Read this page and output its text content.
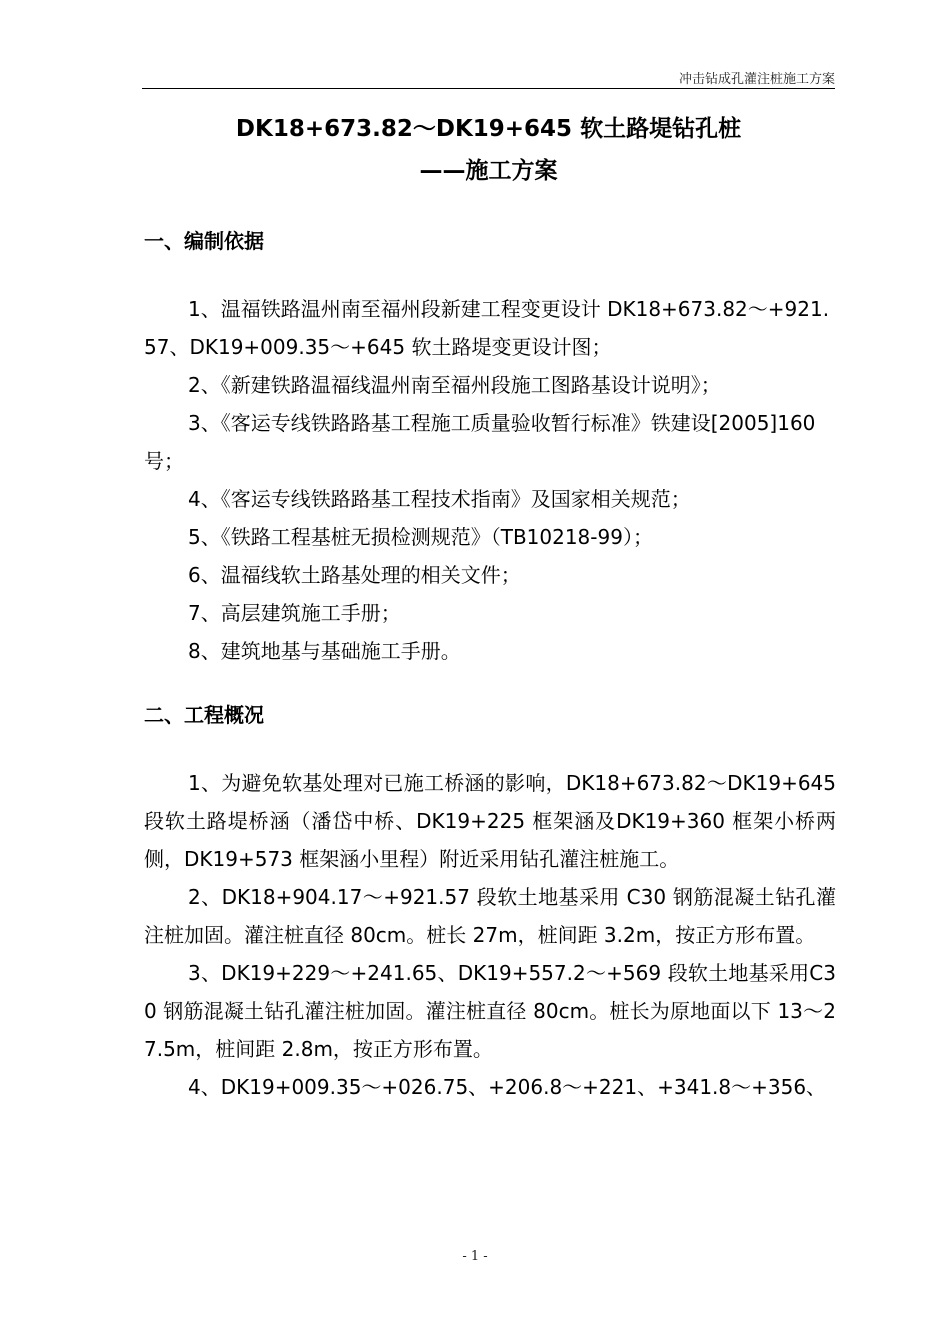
冲击钻成孔灌注桩施工方案
DK18+673.82～DK19+645 软土路堤钻孔桩
——施工方案
一、编制依据

1、温福铁路温州南至福州段新建工程变更设计 DK18+673.82～+921.57、DK19+009.35～+645 软土路堤变更设计图；

2、《新建铁路温福线温州南至福州段施工图路基设计说明》；

3、《客运专线铁路路基工程施工质量验收暂行标准》铁建设[2005]160 号；

4、《客运专线铁路路基工程技术指南》及国家相关规范；

5、《铁路工程基桩无损检测规范》（TB10218-99）；

6、温福线软土路基处理的相关文件；

7、高层建筑施工手册；

8、建筑地基与基础施工手册。

二、工程概况

1、为避免软基处理对已施工桥涵的影响，DK18+673.82～DK19+645 段软土路堤桥涵（潘岱中桥、DK19+225 框架涵及DK19+360 框架小桥两侧，DK19+573 框架涵小里程）附近采用钻孔灌注桩施工。

2、DK18+904.17～+921.57 段软土地基采用 C30 钢筋混凝土钻孔灌注桩加固。灌注桩直径 80cm。桩长 27m，桩间距 3.2m，按正方形布置。

3、DK19+229～+241.65、DK19+557.2～+569 段软土地基采用C30 钢筋混凝土钻孔灌注桩加固。灌注桩直径 80cm。桩长为原地面以下 13～27.5m，桩间距 2.8m，按正方形布置。

4、DK19+009.35～+026.75、+206.8～+221、+341.8～+356、

- 1 -
